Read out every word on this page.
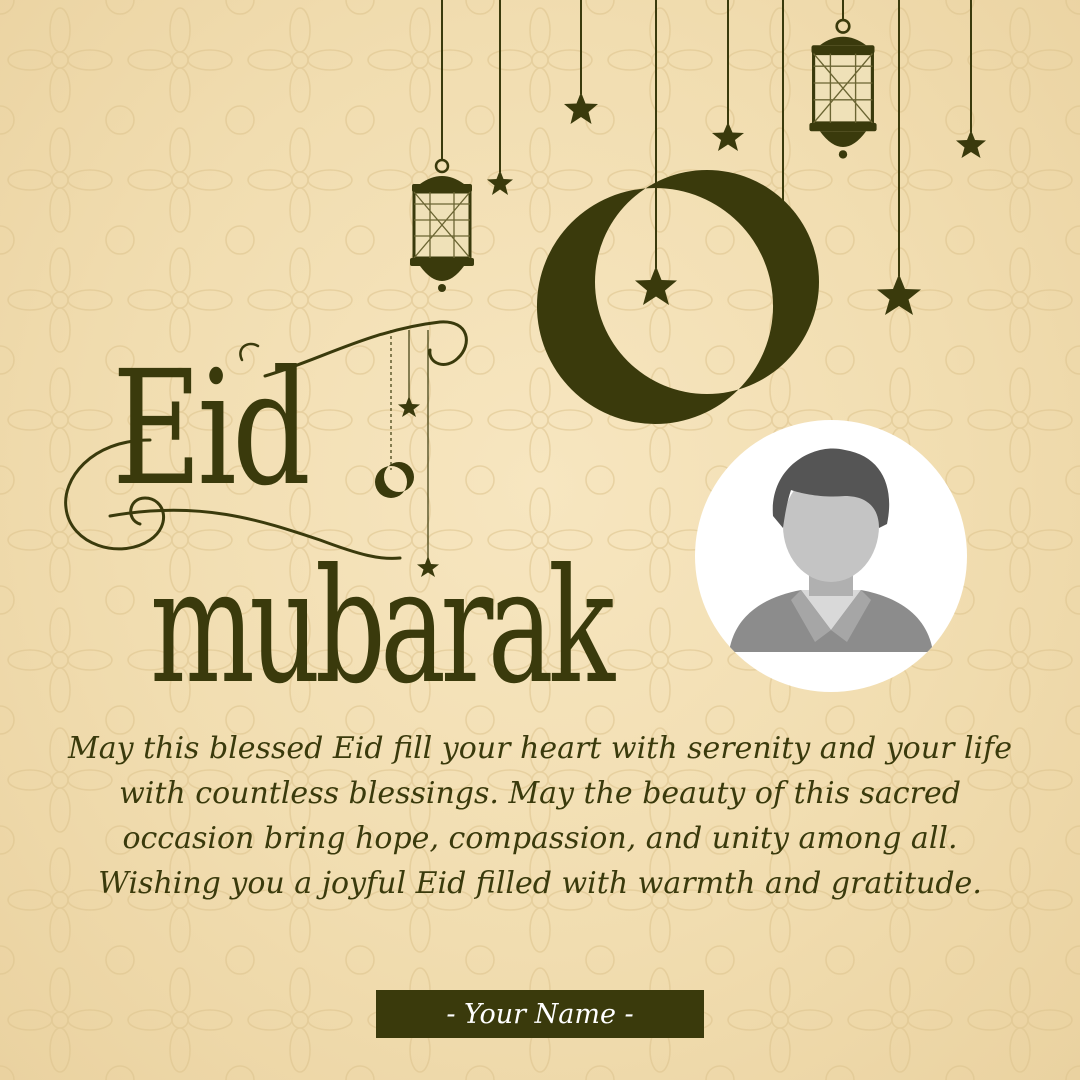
Eid
mubarak

May this blessed Eid fill your heart with serenity and your life with countless blessings. May the beauty of this sacred occasion bring hope, compassion, and unity among all. Wishing you a joyful Eid filled with warmth and gratitude.

- Your Name -
